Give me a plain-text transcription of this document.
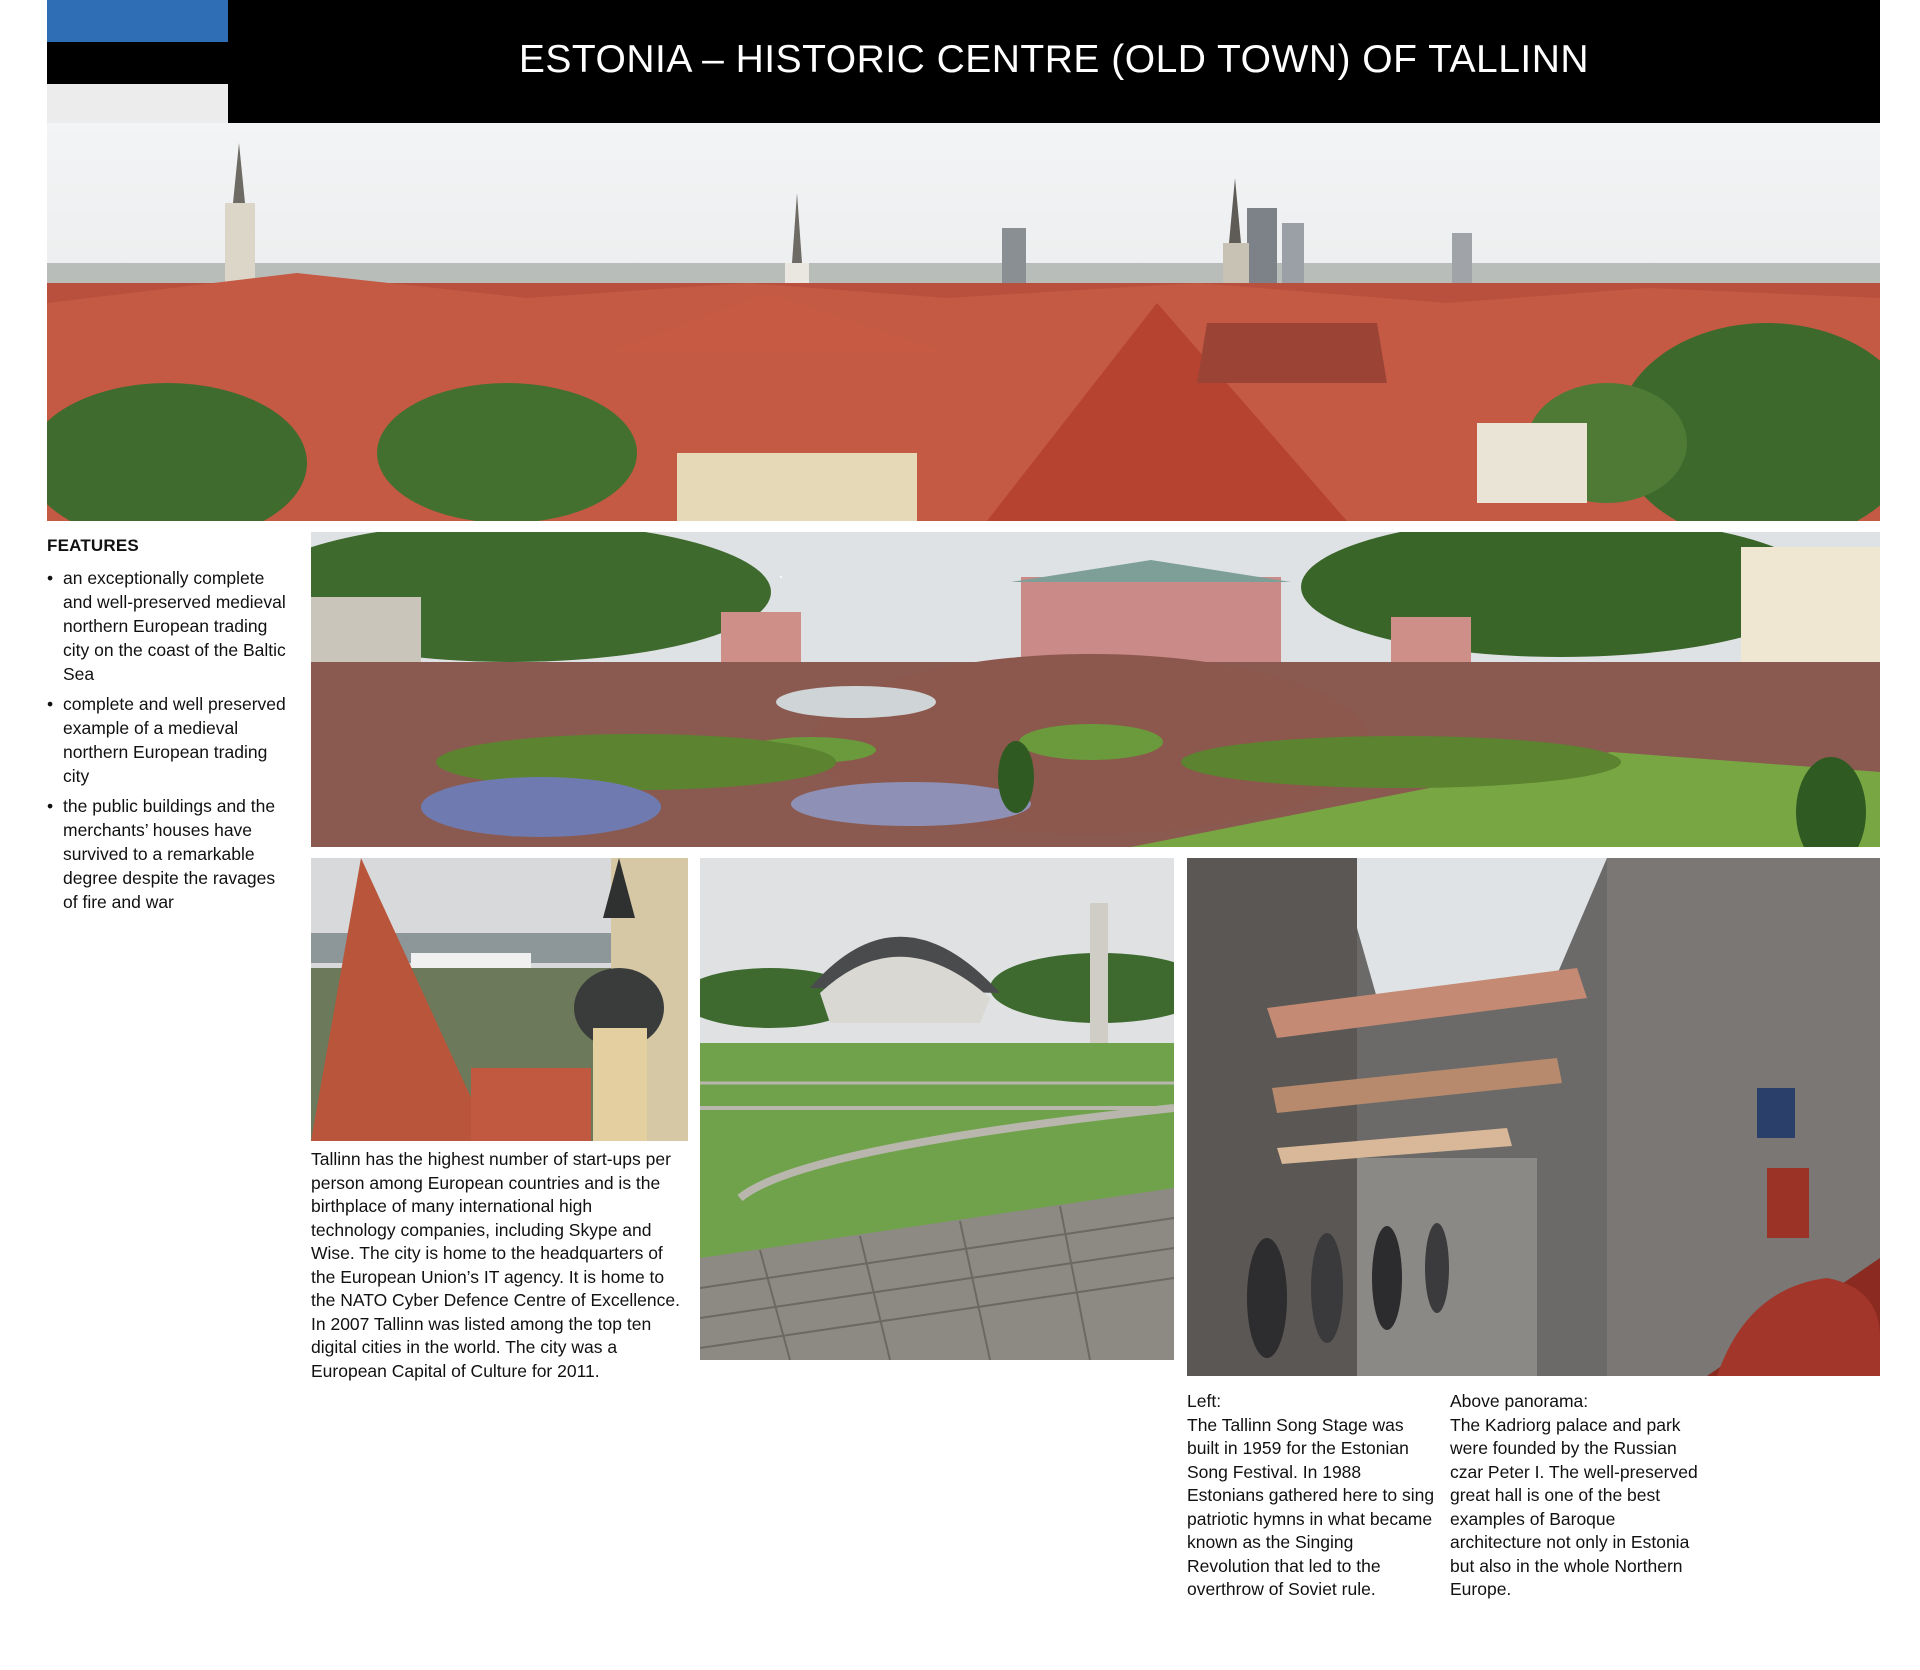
ESTONIA – HISTORIC CENTRE (OLD TOWN) OF TALLINN
FEATURES
• an exceptionally complete and well-preserved medieval northern European trading city on the coast of the Baltic Sea
• complete and well preserved example of a medieval northern European trading city
• the public buildings and the merchants’ houses have survived to a remarkable degree despite the ravages of fire and war
Tallinn has the highest number of start-ups per person among European countries and is the birthplace of many international high technology companies, including Skype and Wise. The city is home to the headquarters of the European Union’s IT agency. It is home to the NATO Cyber Defence Centre of Excellence. In 2007 Tallinn was listed among the top ten digital cities in the world. The city was a European Capital of Culture for 2011.
Left:
The Tallinn Song Stage was built in 1959 for the Estonian Song Festival. In 1988 Estonians gathered here to sing patriotic hymns in what became known as the Singing Revolution that led to the overthrow of Soviet rule.
Above panorama:
The Kadriorg palace and park were founded by the Russian czar Peter I. The well-preserved great hall is one of the best examples of Baroque architecture not only in Estonia but also in the whole Northern Europe.
